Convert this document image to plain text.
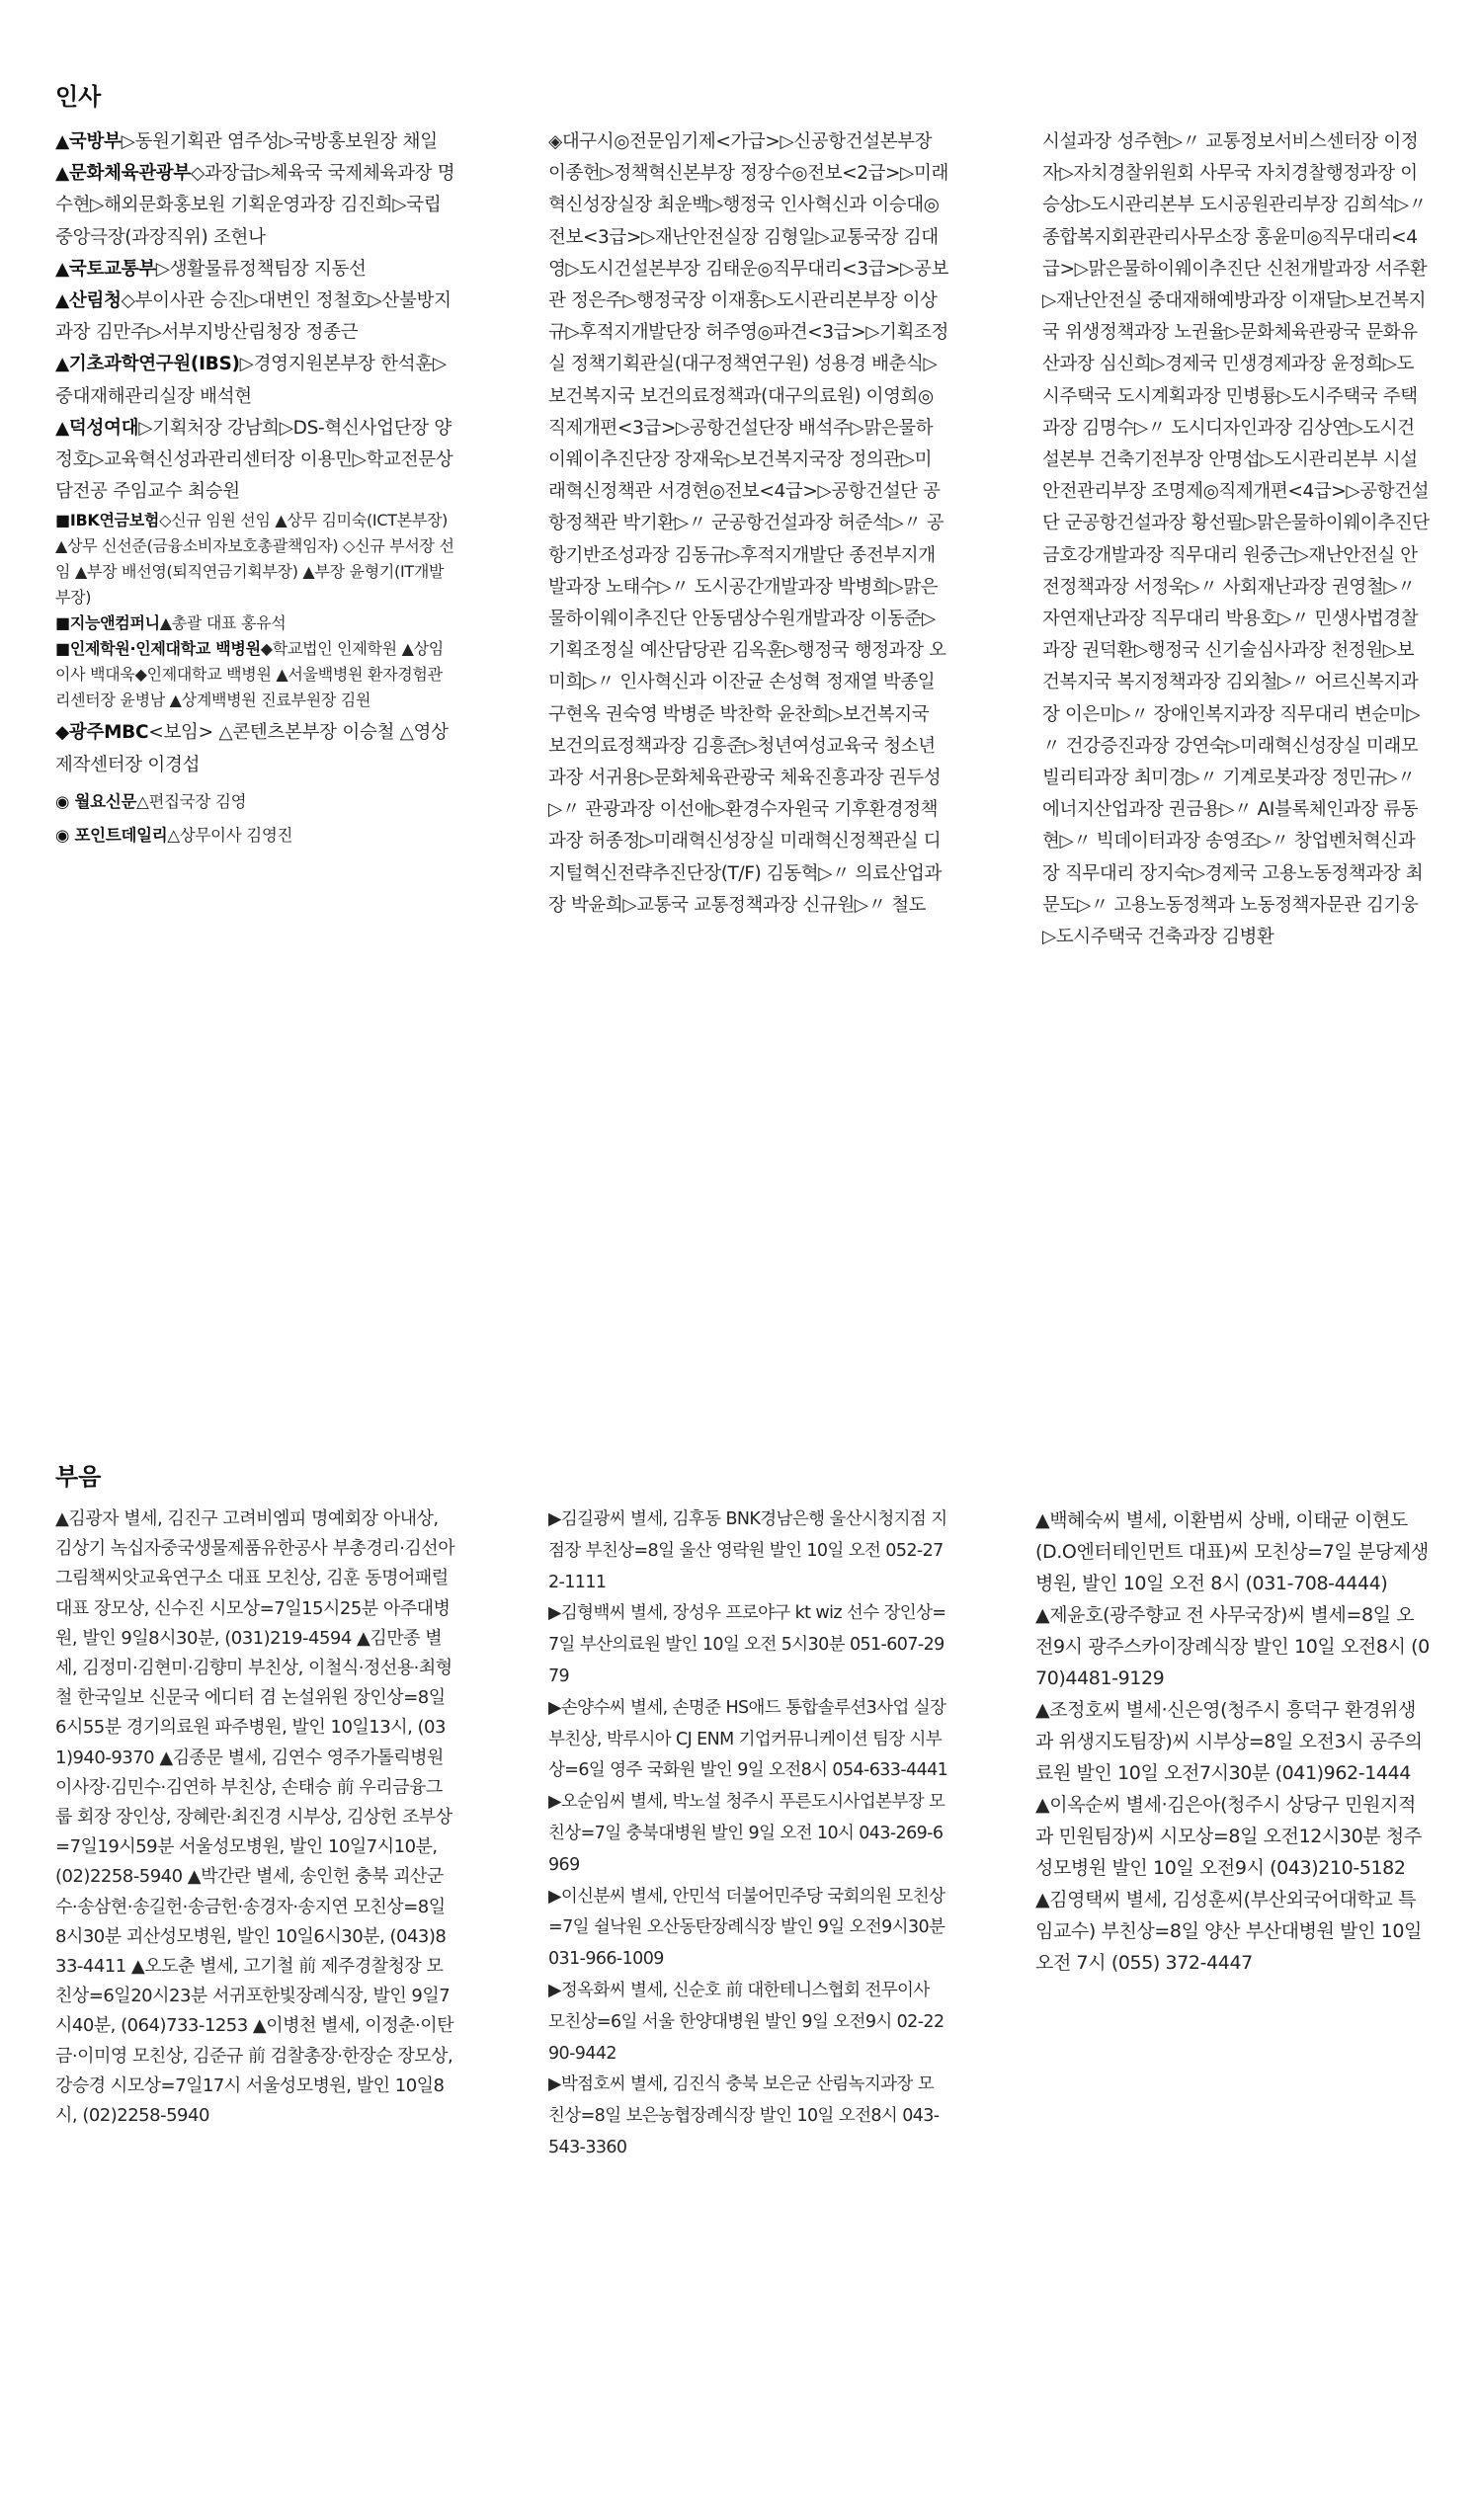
인사

▲국방부▷동원기획관 염주성▷국방홍보원장 채일

▲문화체육관광부◇과장급▷체육국 국제체육과장 명수현▷해외문화홍보원 기획운영과장 김진희▷국립중앙극장(과장직위) 조현나

▲국토교통부▷생활물류정책팀장 지동선

▲산림청◇부이사관 승진▷대변인 정철호▷산불방지과장 김만주▷서부지방산림청장 정종근

▲기초과학연구원(IBS)▷경영지원본부장 한석훈▷중대재해관리실장 배석현

▲덕성여대▷기획처장 강남희▷DS-혁신사업단장 양정호▷교육혁신성과관리센터장 이용민▷학교전문상담전공 주임교수 최승원

■IBK연금보험◇신규 임원 선임 ▲상무 김미숙(ICT본부장) ▲상무 신선준(금융소비자보호총괄책임자) ◇신규 부서장 선임 ▲부장 배선영(퇴직연금기획부장) ▲부장 윤형기(IT개발부장)

■지능앤컴퍼니▲총괄 대표 홍유석

■인제학원·인제대학교 백병원◆학교법인 인제학원 ▲상임이사 백대욱◆인제대학교 백병원 ▲서울백병원 환자경험관리센터장 윤병남 ▲상계백병원 진료부원장 김원

◆광주MBC<보임> △콘텐츠본부장 이승철 △영상제작센터장 이경섭

◉ 월요신문△편집국장 김영

◉ 포인트데일리△상무이사 김영진

◈대구시◎전문임기제<가급>▷신공항건설본부장 이종헌▷정책혁신본부장 정장수◎전보<2급>▷미래혁신성장실장 최운백▷행정국 인사혁신과 이승대◎전보<3급>▷재난안전실장 김형일▷교통국장 김대영▷도시건설본부장 김태운◎직무대리<3급>▷공보관 정은주▷행정국장 이재홍▷도시관리본부장 이상규▷후적지개발단장 허주영◎파견<3급>▷기획조정실 정책기획관실(대구정책연구원) 성용경 배춘식▷보건복지국 보건의료정책과(대구의료원) 이영희◎직제개편<3급>▷공항건설단장 배석주▷맑은물하이웨이추진단장 장재욱▷보건복지국장 정의관▷미래혁신정책관 서경현◎전보<4급>▷공항건설단 공항정책관 박기환▷〃 군공항건설과장 허준석▷〃 공항기반조성과장 김동규▷후적지개발단 종전부지개발과장 노태수▷〃 도시공간개발과장 박병희▷맑은물하이웨이추진단 안동댐상수원개발과장 이동준▷기획조정실 예산담당관 김옥훈▷행정국 행정과장 오미희▷〃 인사혁신과 이잔균 손성혁 정재열 박종일 구현옥 권숙영 박병준 박찬학 윤찬희▷보건복지국 보건의료정책과장 김흥준▷청년여성교육국 청소년과장 서귀용▷문화체육관광국 체육진흥과장 권두성▷〃 관광과장 이선애▷환경수자원국 기후환경정책과장 허종정▷미래혁신성장실 미래혁신정책관실 디지털혁신전략추진단장(T/F) 김동혁▷〃 의료산업과장 박윤희▷교통국 교통정책과장 신규원▷〃 철도

시설과장 성주현▷〃 교통정보서비스센터장 이정자▷자치경찰위원회 사무국 자치경찰행정과장 이승상▷도시관리본부 도시공원관리부장 김희석▷〃 종합복지회관관리사무소장 홍윤미◎직무대리<4급>▷맑은물하이웨이추진단 신천개발과장 서주환▷재난안전실 중대재해예방과장 이재달▷보건복지국 위생정책과장 노권율▷문화체육관광국 문화유산과장 심신희▷경제국 민생경제과장 윤정희▷도시주택국 도시계획과장 민병룡▷도시주택국 주택과장 김명수▷〃 도시디자인과장 김상연▷도시건설본부 건축기전부장 안명섭▷도시관리본부 시설안전관리부장 조명제◎직제개편<4급>▷공항건설단 군공항건설과장 황선필▷맑은물하이웨이추진단 금호강개발과장 직무대리 원중근▷재난안전실 안전정책과장 서정욱▷〃 사회재난과장 권영철▷〃 자연재난과장 직무대리 박용호▷〃 민생사법경찰과장 권덕환▷행정국 신기술심사과장 천정원▷보건복지국 복지정책과장 김외철▷〃 어르신복지과장 이은미▷〃 장애인복지과장 직무대리 변순미▷〃 건강증진과장 강연숙▷미래혁신성장실 미래모빌리티과장 최미경▷〃 기계로봇과장 정민규▷〃 에너지산업과장 권금용▷〃 AI블록체인과장 류동현▷〃 빅데이터과장 송영조▷〃 창업벤처혁신과장 직무대리 장지숙▷경제국 고용노동정책과장 최문도▷〃 고용노동정책과 노동정책자문관 김기웅▷도시주택국 건축과장 김병환

부음

▲김광자 별세, 김진구 고려비엠피 명예회장 아내상, 김상기 녹십자중국생물제품유한공사 부총경리·김선아 그림책씨앗교육연구소 대표 모친상, 김훈 동명어패럴 대표 장모상, 신수진 시모상=7일15시25분 아주대병원, 발인 9일8시30분, (031)219-4594 ▲김만종 별세, 김정미·김현미·김향미 부친상, 이철식·정선용·최형철 한국일보 신문국 에디터 겸 논설위원 장인상=8일6시55분 경기의료원 파주병원, 발인 10일13시, (031)940-9370 ▲김종문 별세, 김연수 영주가톨릭병원 이사장·김민수·김연하 부친상, 손태승 前 우리금융그룹 회장 장인상, 장혜란·최진경 시부상, 김상헌 조부상=7일19시59분 서울성모병원, 발인 10일7시10분, (02)2258-5940 ▲박간란 별세, 송인헌 충북 괴산군수·송삼현·송길헌·송금헌·송경자·송지연 모친상=8일8시30분 괴산성모병원, 발인 10일6시30분, (043)833-4411 ▲오도춘 별세, 고기철 前 제주경찰청장 모친상=6일20시23분 서귀포한빛장례식장, 발인 9일7시40분, (064)733-1253 ▲이병천 별세, 이정춘·이탄금·이미영 모친상, 김준규 前 검찰총장·한장순 장모상, 강승경 시모상=7일17시 서울성모병원, 발인 10일8시, (02)2258-5940

▶김길광씨 별세, 김후동 BNK경남은행 울산시청지점 지점장 부친상=8일 울산 영락원 발인 10일 오전 052-272-1111

▶김형백씨 별세, 장성우 프로야구 kt wiz 선수 장인상=7일 부산의료원 발인 10일 오전 5시30분 051-607-2979

▶손양수씨 별세, 손명준 HS애드 통합솔루션3사업 실장 부친상, 박루시아 CJ ENM 기업커뮤니케이션 팀장 시부상=6일 영주 국화원 발인 9일 오전8시 054-633-4441

▶오순임씨 별세, 박노설 청주시 푸른도시사업본부장 모친상=7일 충북대병원 발인 9일 오전 10시 043-269-6969

▶이신분씨 별세, 안민석 더불어민주당 국회의원 모친상=7일 쉴낙원 오산동탄장례식장 발인 9일 오전9시30분 031-966-1009

▶정옥화씨 별세, 신순호 前 대한테니스협회 전무이사 모친상=6일 서울 한양대병원 발인 9일 오전9시 02-2290-9442

▶박점호씨 별세, 김진식 충북 보은군 산림녹지과장 모친상=8일 보은농협장례식장 발인 10일 오전8시 043-543-3360

▲백혜숙씨 별세, 이환범씨 상배, 이태균 이현도(D.O엔터테인먼트 대표)씨 모친상=7일 분당제생병원, 발인 10일 오전 8시 (031-708-4444)

▲제윤호(광주향교 전 사무국장)씨 별세=8일 오전9시 광주스카이장례식장 발인 10일 오전8시 (070)4481-9129

▲조정호씨 별세·신은영(청주시 흥덕구 환경위생과 위생지도팀장)씨 시부상=8일 오전3시 공주의료원 발인 10일 오전7시30분 (041)962-1444

▲이옥순씨 별세·김은아(청주시 상당구 민원지적과 민원팀장)씨 시모상=8일 오전12시30분 청주성모병원 발인 10일 오전9시 (043)210-5182

▲김영택씨 별세, 김성훈씨(부산외국어대학교 특임교수) 부친상=8일 양산 부산대병원 발인 10일 오전 7시 (055) 372-4447
